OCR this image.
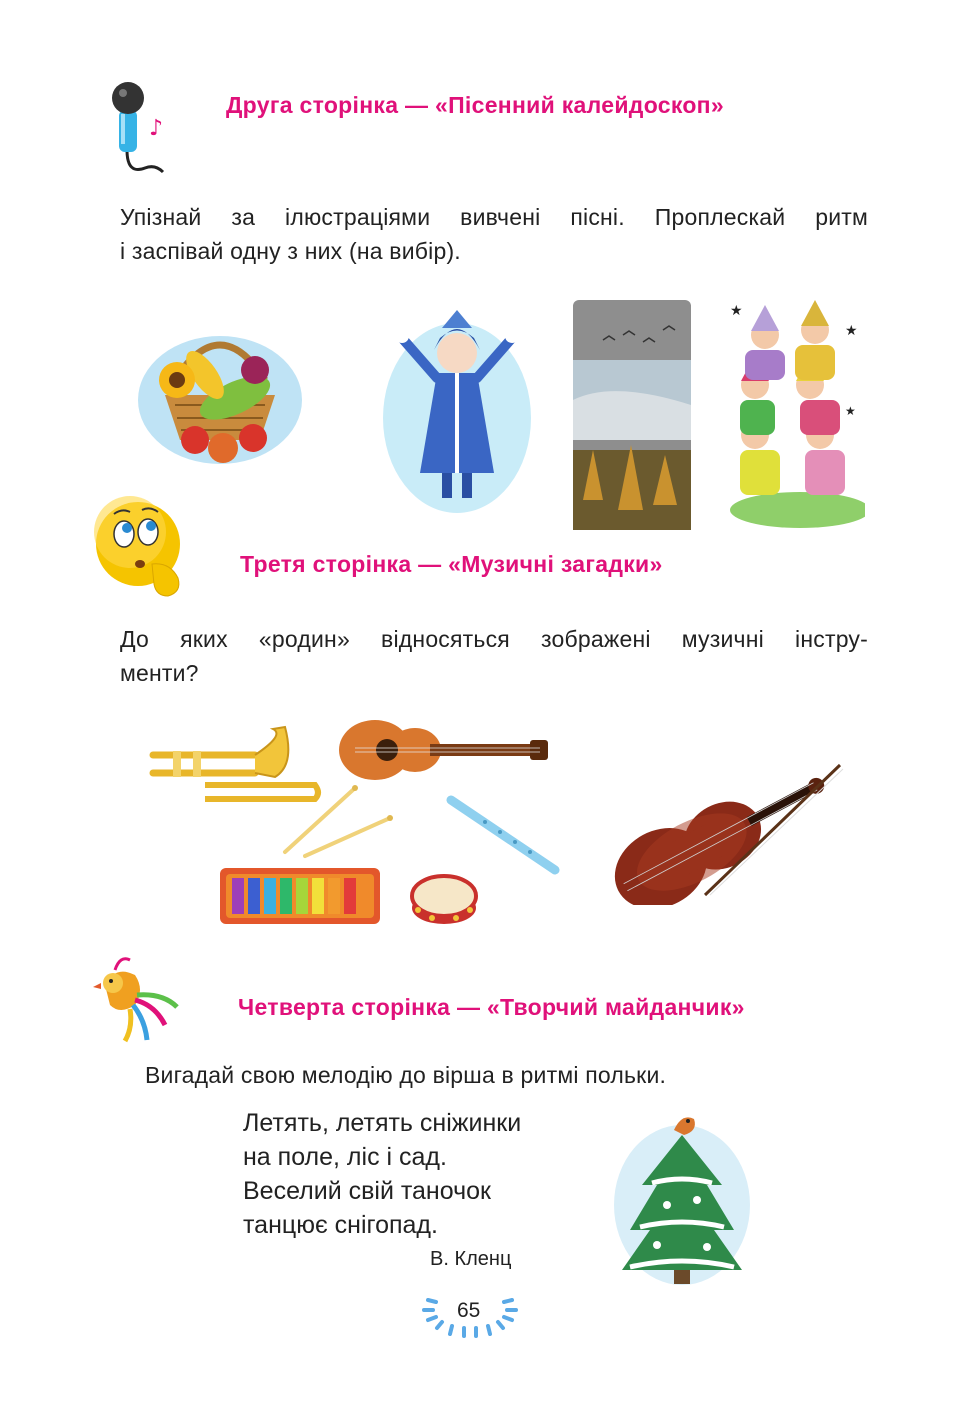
♪
Друга сторінка — «Пісенний калейдоскоп»
Упізнай за ілюстраціями вивчені пісні. Проплескай ритм
і заспівай одну з них (на вибір).
★
★
★
Третя сторінка — «Музичні загадки»
До яких «родин» відносяться зображені музичні інстру-
менти?
Четверта сторінка — «Творчий майданчик»
Вигадай свою мелодію до вірша в ритмі польки.
Летять, летять сніжинки
на поле, ліс і сад.
Веселий свій таночок
танцює снігопад.
В. Кленц
65
